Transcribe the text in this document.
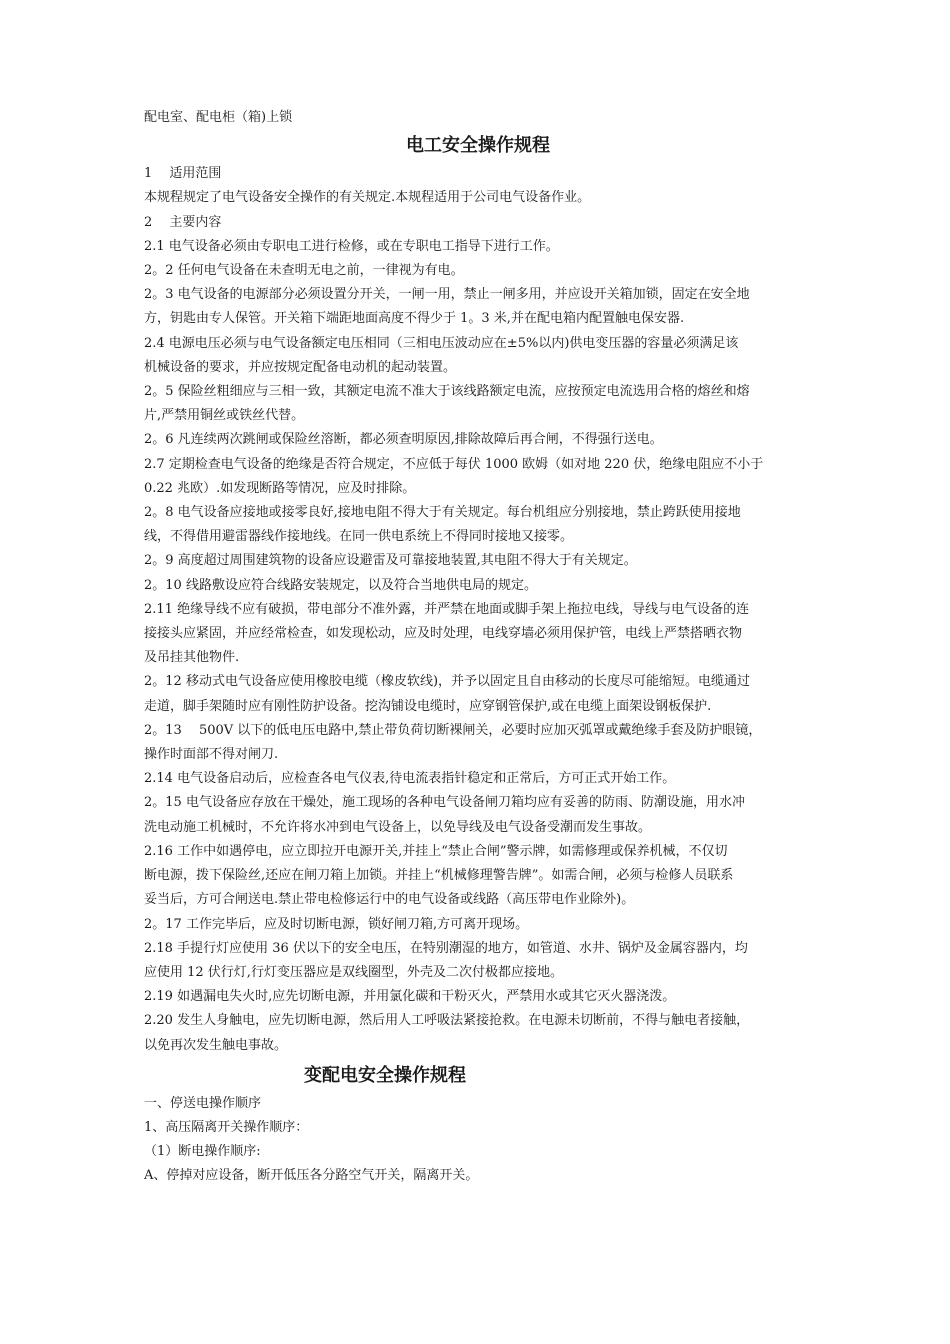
配电室、配电柜（箱)上锁
电工安全操作规程
1　 适用范围
本规程规定了电气设备安全操作的有关规定.本规程适用于公司电气设备作业。
2　 主要内容
2.1 电气设备必须由专职电工进行检修，或在专职电工指导下进行工作。
2。2 任何电气设备在未查明无电之前，一律视为有电。
2。3 电气设备的电源部分必须设置分开关，一闸一用，禁止一闸多用，并应设开关箱加锁，固定在安全地
方，钥匙由专人保管。开关箱下端距地面高度不得少于 1。3 米,并在配电箱内配置触电保安器.
2.4 电源电压必须与电气设备额定电压相同（三相电压波动应在±5%以内)供电变压器的容量必须满足该
机械设备的要求，并应按规定配备电动机的起动装置。
2。5 保险丝粗细应与三相一致，其额定电流不准大于该线路额定电流，应按预定电流选用合格的熔丝和熔
片,严禁用铜丝或铁丝代替。
2。6 凡连续两次跳闸或保险丝溶断，都必须查明原因,排除故障后再合闸，不得强行送电。
2.7 定期检查电气设备的绝缘是否符合规定，不应低于每伏 1000 欧姆（如对地 220 伏，绝缘电阻应不小于
0.22 兆欧）.如发现断路等情况，应及时排除。
2。8 电气设备应接地或接零良好,接地电阻不得大于有关规定。每台机组应分别接地，禁止跨跃使用接地
线，不得借用避雷器线作接地线。在同一供电系统上不得同时接地又接零。
2。9 高度超过周围建筑物的设备应设避雷及可靠接地装置,其电阻不得大于有关规定。
2。10 线路敷设应符合线路安装规定，以及符合当地供电局的规定。
2.11 绝缘导线不应有破损，带电部分不准外露，并严禁在地面或脚手架上拖拉电线，导线与电气设备的连
接接头应紧固，并应经常检查，如发现松动，应及时处理，电线穿墙必须用保护管，电线上严禁搭晒衣物
及吊挂其他物件.
2。12 移动式电气设备应使用橡胶电缆（橡皮软线)，并予以固定且自由移动的长度尽可能缩短。电缆通过
走道，脚手架随时应有刚性防护设备。挖沟铺设电缆时，应穿钢管保护,或在电缆上面架设钢板保护.
2。13　 500V 以下的低电压电路中,禁止带负荷切断裸闸关，必要时应加灭弧罩或戴绝缘手套及防护眼镜，
操作时面部不得对闸刀.
2.14 电气设备启动后，应检查各电气仪表,待电流表指针稳定和正常后，方可正式开始工作。
2。15 电气设备应存放在干燥处，施工现场的各种电气设备闸刀箱均应有妥善的防雨、防潮设施，用水冲
洗电动施工机械时，不允许将水冲到电气设备上，以免导线及电气设备受潮而发生事故。
2.16 工作中如遇停电，应立即拉开电源开关,并挂上“禁止合闸”警示牌，如需修理或保养机械，不仅切
断电源，拨下保险丝,还应在闸刀箱上加锁。并挂上“机械修理警告牌”。如需合闸，必须与检修人员联系
妥当后，方可合闸送电.禁止带电检修运行中的电气设备或线路（高压带电作业除外)。
2。17 工作完毕后，应及时切断电源，锁好闸刀箱,方可离开现场。
2.18 手提行灯应使用 36 伏以下的安全电压，在特别潮湿的地方，如管道、水井、锅炉及金属容器内，均
应使用 12 伏行灯,行灯变压器应是双线圈型，外壳及二次付极都应接地。
2.19 如遇漏电失火时,应先切断电源，并用氯化碳和干粉灭火，严禁用水或其它灭火器浇泼。
2.20 发生人身触电，应先切断电源，然后用人工呼吸法紧接抢救。在电源未切断前，不得与触电者接触，
以免再次发生触电事故。
变配电安全操作规程
一、停送电操作顺序
1、高压隔离开关操作顺序：
（1）断电操作顺序:
A、停掉对应设备，断开低压各分路空气开关，隔离开关。
